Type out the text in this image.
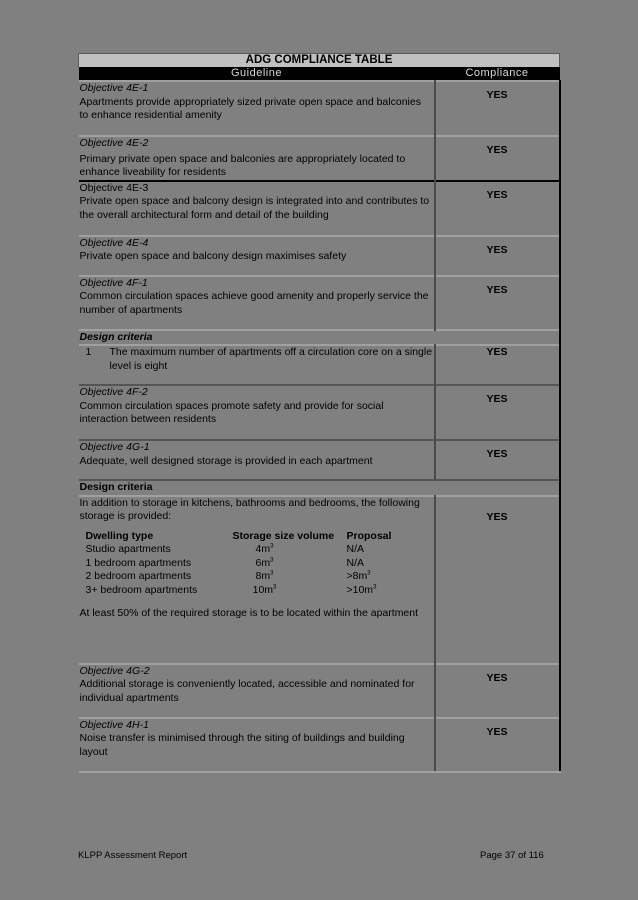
ADG COMPLIANCE TABLE
Guideline	Compliance

Objective 4E-1
Apartments provide appropriately sized private open space and balconies to enhance residential amenity
	YES

Objective 4E-2
Primary private open space and balconies are appropriately located to enhance liveability for residents
	YES

Objective 4E-3
Private open space and balcony design is integrated into and contributes to the overall architectural form and detail of the building
	YES

Objective 4E-4
Private open space and balcony design maximises safety
	YES

Objective 4F-1
Common circulation spaces achieve good amenity and properly service the number of apartments
	YES
Design criteria

1	The maximum number of apartments off a circulation core on a single level is eight
	YES

Objective 4F-2
Common circulation spaces promote safety and provide for social interaction between residents
	YES

Objective 4G-1
Adequate, well designed storage is provided in each apartment
	YES
Design criteria

In addition to storage in kitchens, bathrooms and bedrooms, the following storage is provided:
Dwelling type	Storage size volume	Proposal
Studio apartments	$4m^3$	N/A
1 bedroom apartments	$6m^3$	N/A
2 bedroom apartments	$8m^3$	$>8m^3$
3+ bedroom apartments	$10m^3$	$>10m^3$
At least 50% of the required storage is to be located within the apartment
	YES

Objective 4G-2
Additional storage is conveniently located, accessible and nominated for individual apartments
	YES

Objective 4H-1
Noise transfer is minimised through the siting of buildings and building layout
	YES
KLPP Assessment Report	Page 37 of 116
